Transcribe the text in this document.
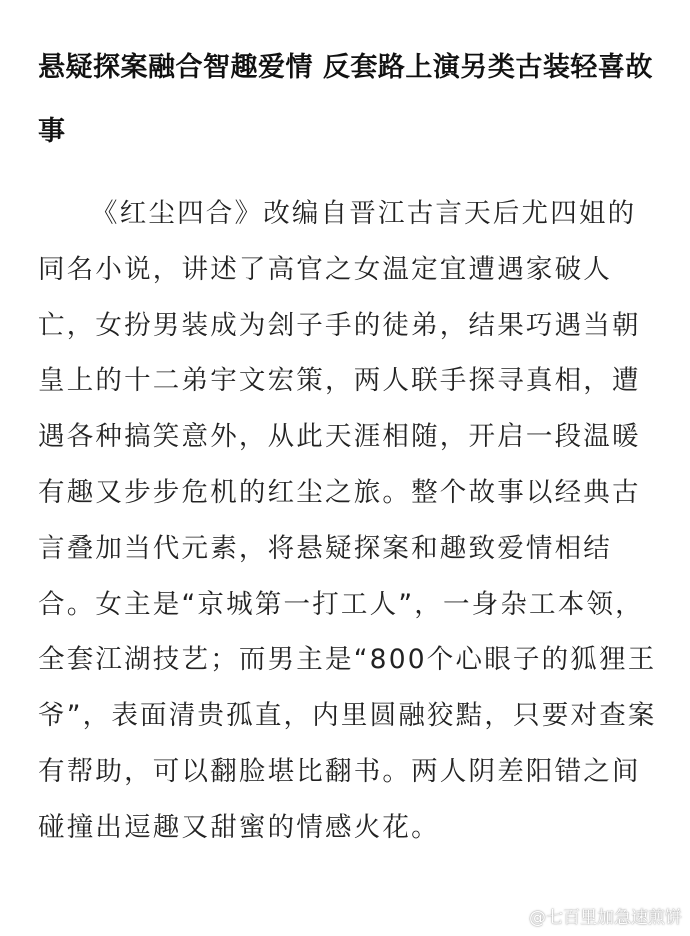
悬疑探案融合智趣爱情 反套路上演另类古装轻喜故事

《红尘四合》改编自晋江古言天后尤四姐的同名小说，讲述了高官之女温定宜遭遇家破人亡，女扮男装成为刽子手的徒弟，结果巧遇当朝皇上的十二弟宇文宏策，两人联手探寻真相，遭遇各种搞笑意外，从此天涯相随，开启一段温暖有趣又步步危机的红尘之旅。整个故事以经典古言叠加当代元素，将悬疑探案和趣致爱情相结合。女主是“京城第一打工人”，一身杂工本领，全套江湖技艺；而男主是“800个心眼子的狐狸王爷”，表面清贵孤直，内里圆融狡黠，只要对查案有帮助，可以翻脸堪比翻书。两人阴差阳错之间碰撞出逗趣又甜蜜的情感火花。

@七百里加急速煎饼
